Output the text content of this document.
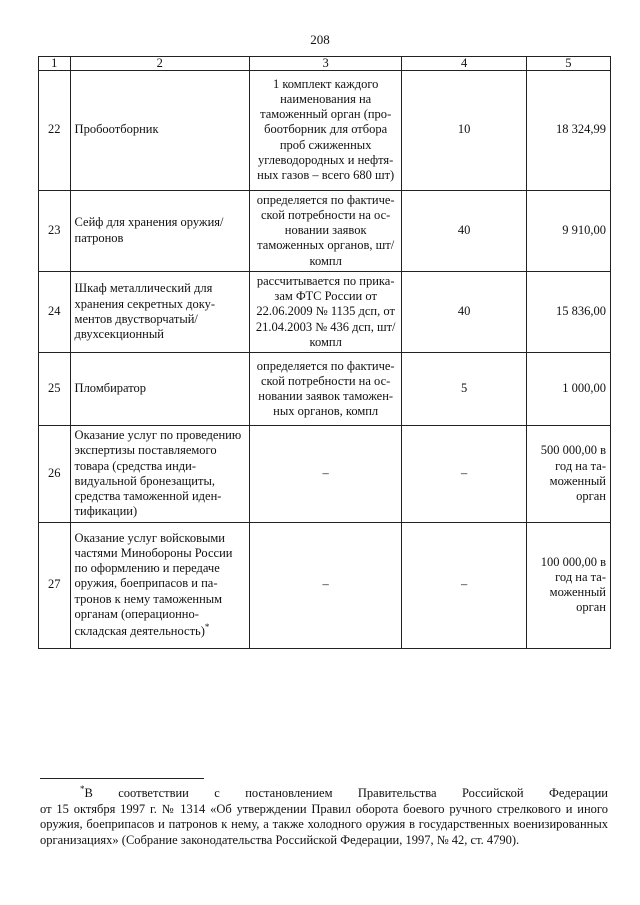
208
1	2	3	4	5
22	Пробоотборник	1 комплект каждого наименования на таможенный орган (пробоотборник для отбора проб сжиженных углеводородных и нефтяных газов – всего 680 шт)	10	18 324,99
23	Сейф для хранения оружия/ патронов	определяется по фактической потребности на основании заявок таможенных органов, шт/компл	40	9 910,00
24	Шкаф металлический для хранения секретных документов двустворчатый/ двухсекционный	рассчитывается по приказам ФТС России от 22.06.2009 № 1135 дсп, от 21.04.2003 № 436 дсп, шт/компл	40	15 836,00
25	Пломбиратор	определяется по фактической потребности на основании заявок таможенных органов, компл	5	1 000,00
26	Оказание услуг по проведению экспертизы поставляемого товара (средства индивидуальной бронезащиты, средства таможенной идентификации)	–	–	500 000,00 в год на таможенный орган
27	Оказание услуг войсковыми частями Минобороны России по оформлению и передаче оружия, боеприпасов и патронов к нему таможенным органам (операционно-складская деятельность)*	–	–	100 000,00 в год на таможенный орган
*В соответствии с постановлением Правительства Российской Федерации
от 15 октября 1997 г. № 1314 «Об утверждении Правил оборота боевого ручного стрелкового и иного оружия, боеприпасов и патронов к нему, а также холодного оружия в государственных военизированных организациях» (Собрание законодательства Российской Федерации, 1997, № 42, ст. 4790).
